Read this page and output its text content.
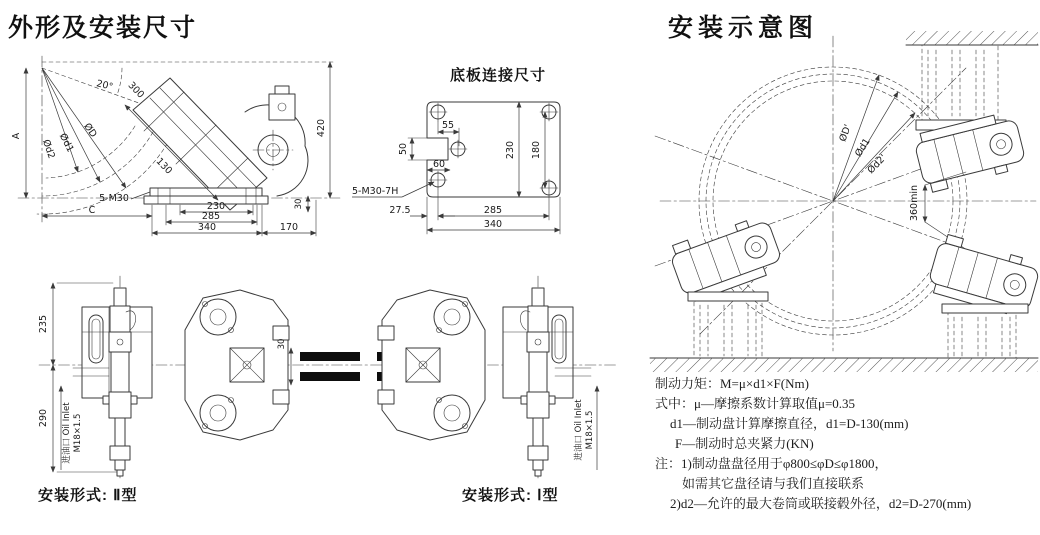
外形及安装尺寸	安装示意图
底板连接尺寸
安装形式: Ⅱ型	安装形式: Ⅰ型
ØD
Ød1
Ød2
20° 300
130
5-M30
A
C	230
285
340	170
420
30
55
50
60
230 180
5-M30-7H
27.5	285
340
235
290 进油口 Oil Inlet M18×1.5
30
进油口 Oil Inlet M18×1.5
ØD'
Ød1
Ød2'
360min
制动力矩：M=μ×d1×F(Nm)
式中：μ—摩擦系数计算取值μ=0.35
d1—制动盘计算摩擦直径，d1=D-130(mm)
F—制动时总夹紧力(KN)
注：1)制动盘盘径用于φ800≤φD≤φ1800，
如需其它盘径请与我们直接联系
2)d2—允许的最大卷筒或联接毂外径，d2=D-270(mm)
